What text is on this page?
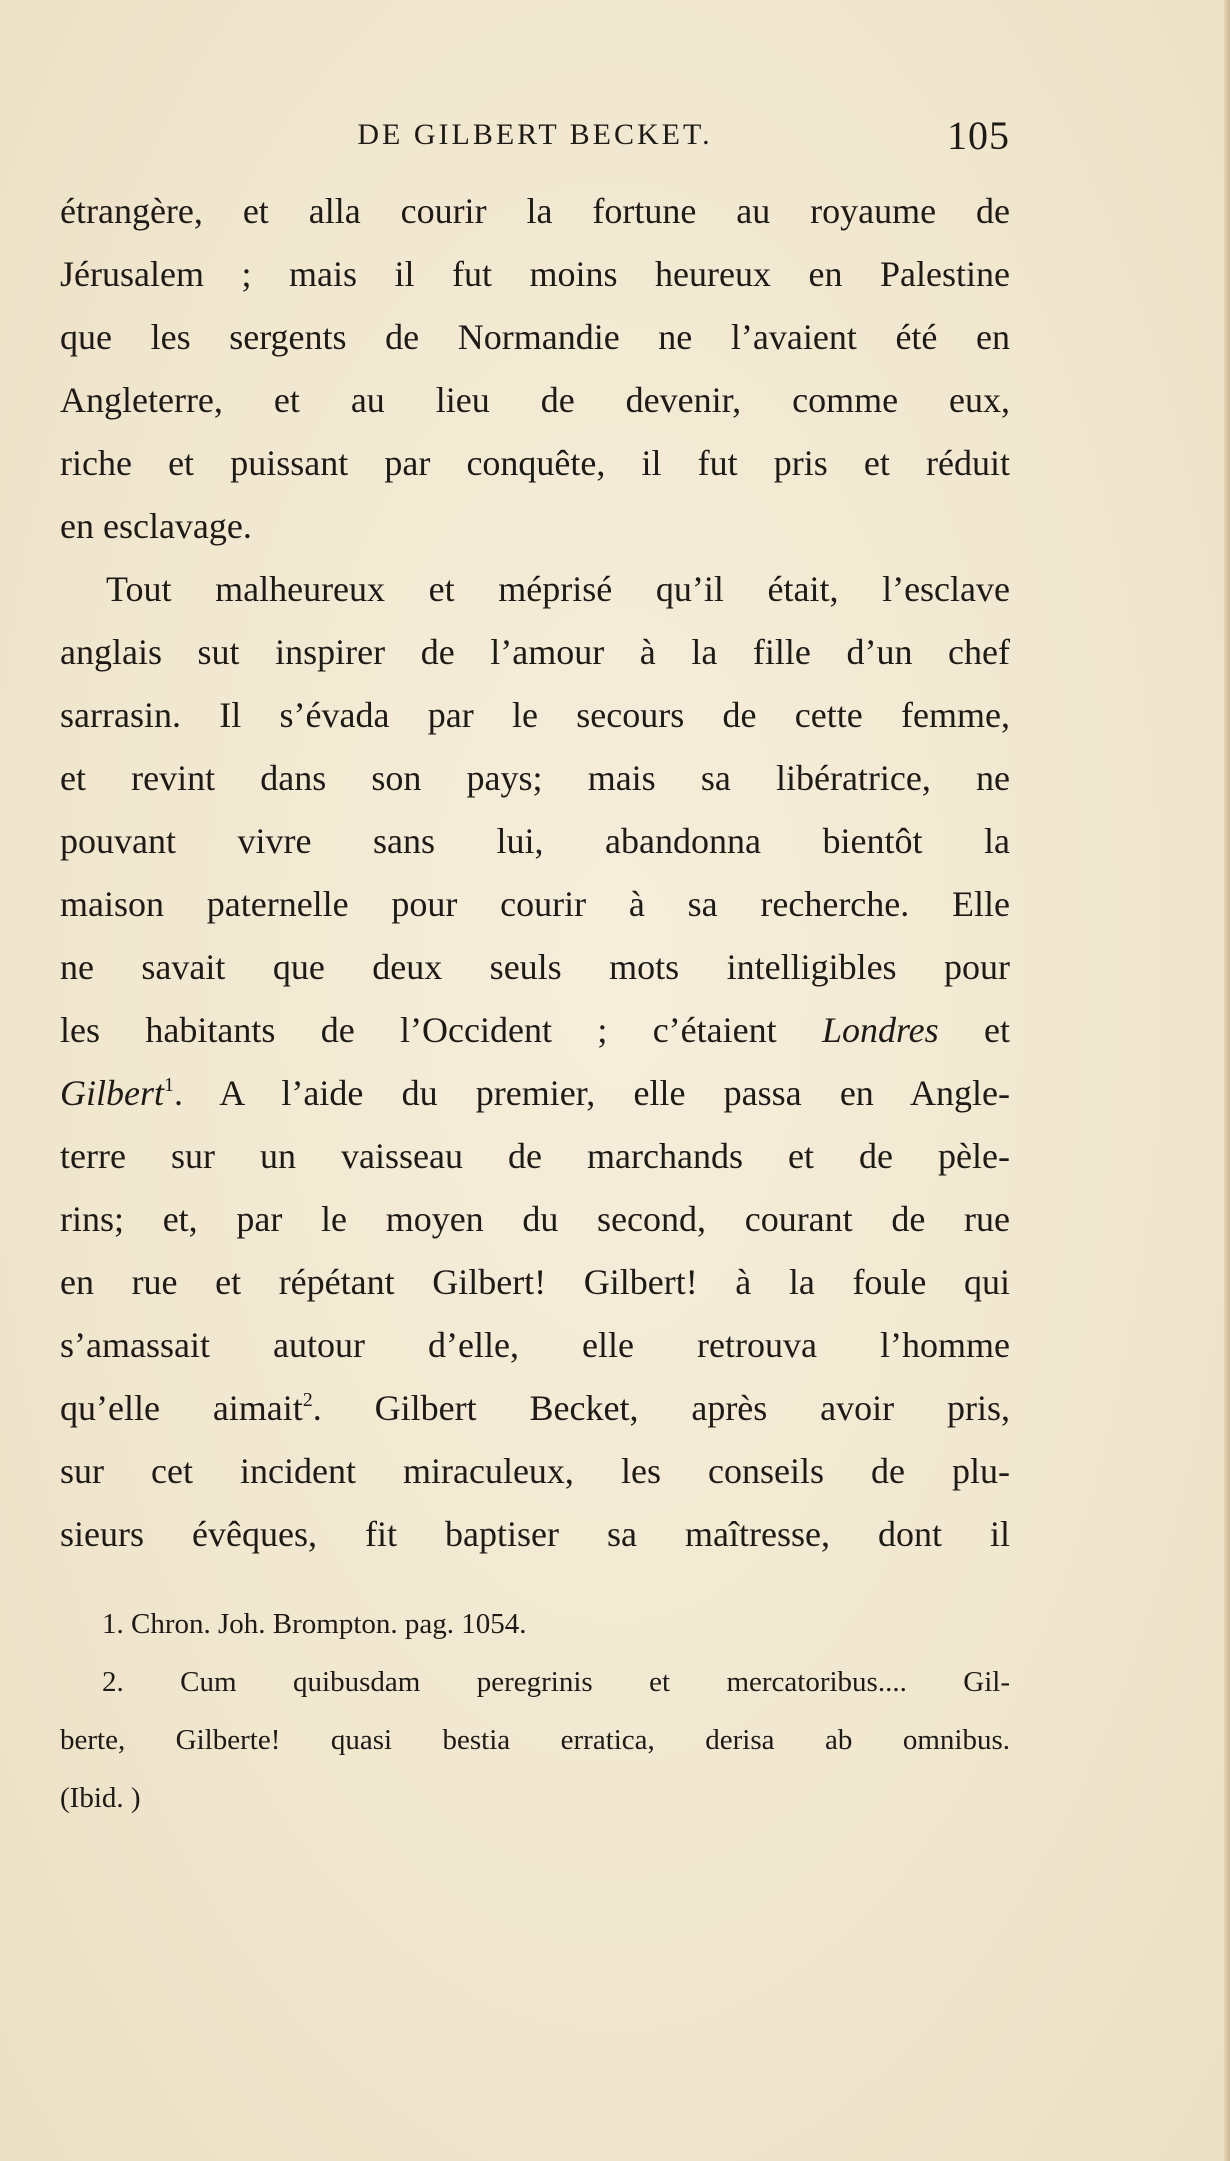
DE GILBERT BECKET.	105
étrangère, et alla courir la fortune au royaume de
Jérusalem ; mais il fut moins heureux en Palestine
que les sergents de Normandie ne l’avaient été en
Angleterre, et au lieu de devenir, comme eux,
riche et puissant par conquête, il fut pris et réduit
en esclavage.
Tout malheureux et méprisé qu’il était, l’esclave
anglais sut inspirer de l’amour à la fille d’un chef
sarrasin. Il s’évada par le secours de cette femme,
et revint dans son pays; mais sa libératrice, ne
pouvant vivre sans lui, abandonna bientôt la
maison paternelle pour courir à sa recherche. Elle
ne savait que deux seuls mots intelligibles pour
les habitants de l’Occident ; c’étaient Londres et
Gilbert$^1$. A l’aide du premier, elle passa en Angle-
terre sur un vaisseau de marchands et de pèle-
rins; et, par le moyen du second, courant de rue
en rue et répétant Gilbert! Gilbert! à la foule qui
s’amassait autour d’elle, elle retrouva l’homme
qu’elle aimait$^2$. Gilbert Becket, après avoir pris,
sur cet incident miraculeux, les conseils de plu-
sieurs évêques, fit baptiser sa maîtresse, dont il
1. Chron. Joh. Brompton. pag. 1054.
2. Cum quibusdam peregrinis et mercatoribus.... Gil-
berte, Gilberte! quasi bestia erratica, derisa ab omnibus.
(Ibid. )
